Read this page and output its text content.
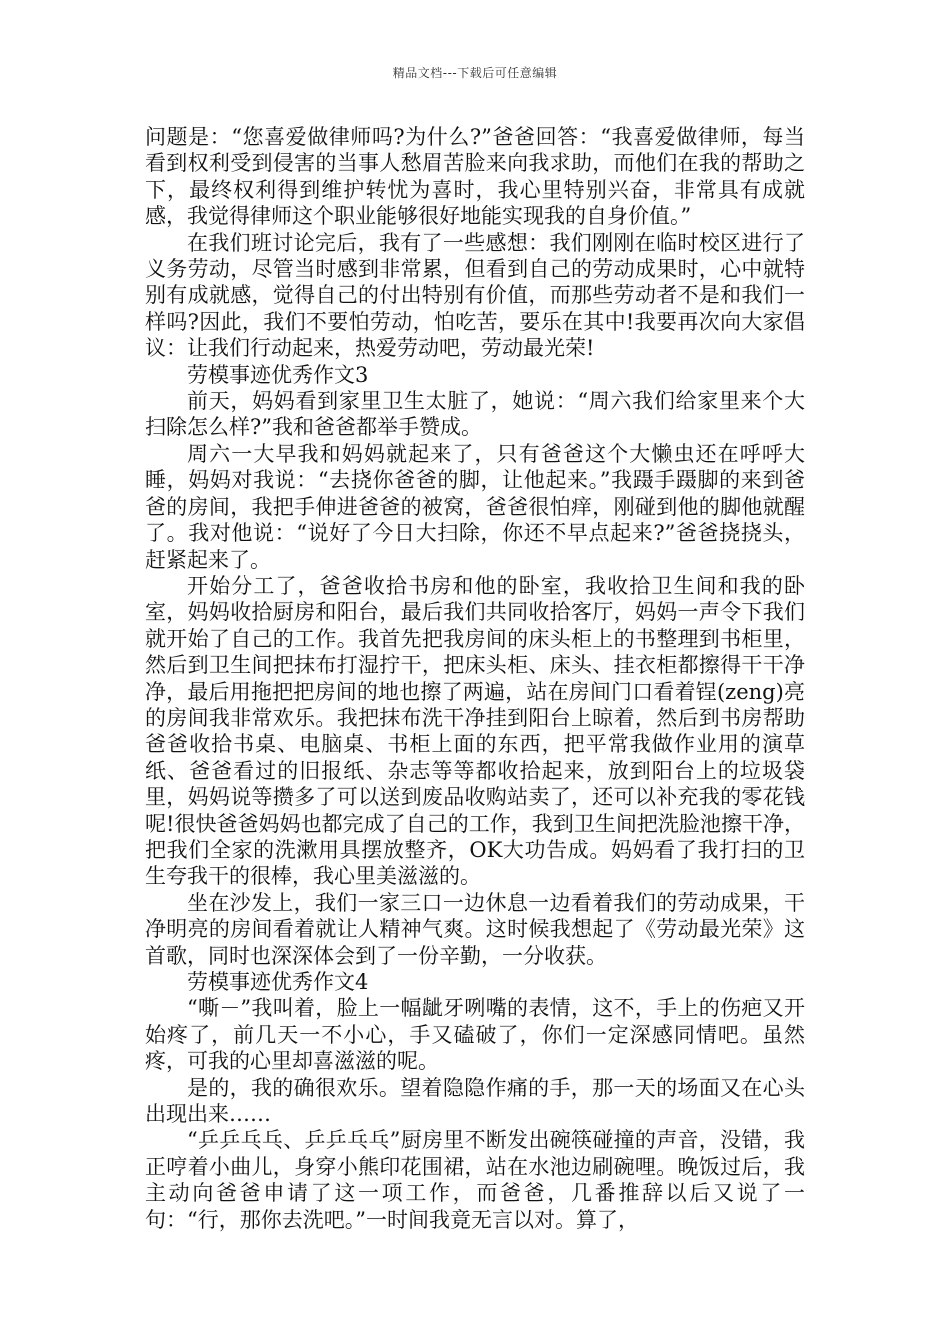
精品文档---下载后可任意编辑

问题是：“您喜爱做律师吗?为什么?”爸爸回答：“我喜爱做律师，每当看到权利受到侵害的当事人愁眉苦脸来向我求助，而他们在我的帮助之下，最终权利得到维护转忧为喜时，我心里特别兴奋，非常具有成就感，我觉得律师这个职业能够很好地能实现我的自身价值。”

在我们班讨论完后，我有了一些感想：我们刚刚在临时校区进行了义务劳动，尽管当时感到非常累，但看到自己的劳动成果时，心中就特别有成就感，觉得自己的付出特别有价值，而那些劳动者不是和我们一样吗?因此，我们不要怕劳动，怕吃苦，要乐在其中!我要再次向大家倡议：让我们行动起来，热爱劳动吧，劳动最光荣!

劳模事迹优秀作文3

前天，妈妈看到家里卫生太脏了，她说：“周六我们给家里来个大扫除怎么样?”我和爸爸都举手赞成。

周六一大早我和妈妈就起来了，只有爸爸这个大懒虫还在呼呼大睡，妈妈对我说：“去挠你爸爸的脚，让他起来。”我蹑手蹑脚的来到爸爸的房间，我把手伸进爸爸的被窝，爸爸很怕痒，刚碰到他的脚他就醒了。我对他说：“说好了今日大扫除，你还不早点起来?”爸爸挠挠头，赶紧起来了。

开始分工了，爸爸收拾书房和他的卧室，我收拾卫生间和我的卧室，妈妈收拾厨房和阳台，最后我们共同收拾客厅，妈妈一声令下我们就开始了自己的工作。我首先把我房间的床头柜上的书整理到书柜里，然后到卫生间把抹布打湿拧干，把床头柜、床头、挂衣柜都擦得干干净净，最后用拖把把房间的地也擦了两遍，站在房间门口看着锃(zeng)亮的房间我非常欢乐。我把抹布洗干净挂到阳台上晾着，然后到书房帮助爸爸收拾书桌、电脑桌、书柜上面的东西，把平常我做作业用的演草纸、爸爸看过的旧报纸、杂志等等都收拾起来，放到阳台上的垃圾袋里，妈妈说等攒多了可以送到废品收购站卖了，还可以补充我的零花钱呢!很快爸爸妈妈也都完成了自己的工作，我到卫生间把洗脸池擦干净，把我们全家的洗漱用具摆放整齐，OK大功告成。妈妈看了我打扫的卫生夸我干的很棒，我心里美滋滋的。

坐在沙发上，我们一家三口一边休息一边看着我们的劳动成果，干净明亮的房间看着就让人精神气爽。这时候我想起了《劳动最光荣》这首歌，同时也深深体会到了一份辛勤，一分收获。

劳模事迹优秀作文4

“嘶－”我叫着，脸上一幅龇牙咧嘴的表情，这不，手上的伤疤又开始疼了，前几天一不小心，手又磕破了，你们一定深感同情吧。虽然疼，可我的心里却喜滋滋的呢。

是的，我的确很欢乐。望着隐隐作痛的手，那一天的场面又在心头出现出来……

“乒乒乓乓、乒乒乓乓”厨房里不断发出碗筷碰撞的声音，没错，我正哼着小曲儿，身穿小熊印花围裙，站在水池边刷碗哩。晚饭过后，我主动向爸爸申请了这一项工作，而爸爸，几番推辞以后又说了一句：“行，那你去洗吧。”一时间我竟无言以对。算了，
